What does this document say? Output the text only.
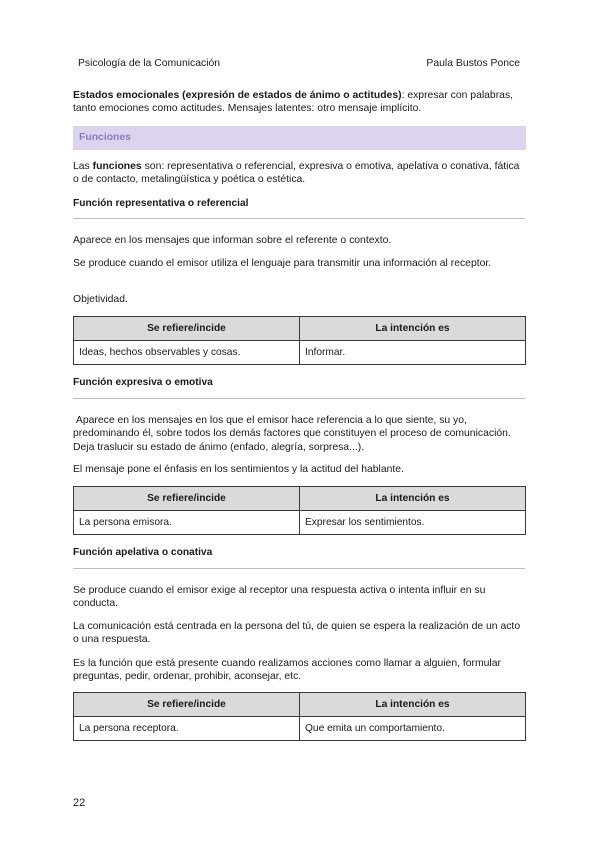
Psicología de la Comunicación	Paula Bustos Ponce

Estados emocionales (expresión de estados de ánimo o actitudes): expresar con palabras, tanto emociones como actitudes. Mensajes latentes: otro mensaje implícito.

Funciones

Las funciones son: representativa o referencial, expresiva o emotiva, apelativa o conativa, fática o de contacto, metalingüística y poética o estética.

Función representativa o referencial

Aparece en los mensajes que informan sobre el referente o contexto.

Se produce cuando el emisor utiliza el lenguaje para transmitir una información al receptor.

Objetividad.

Se refiere/incide	La intención es
Ideas, hechos observables y cosas.	Informar.
Función expresiva o emotiva

Aparece en los mensajes en los que el emisor hace referencia a lo que siente, su yo, predominando él, sobre todos los demás factores que constituyen el proceso de comunicación. Deja traslucir su estado de ánimo (enfado, alegría, sorpresa...).

El mensaje pone el énfasis en los sentimientos y la actitud del hablante.

Se refiere/incide	La intención es
La persona emisora.	Expresar los sentimientos.
Función apelativa o conativa

Se produce cuando el emisor exige al receptor una respuesta activa o intenta influir en su conducta.

La comunicación está centrada en la persona del tú, de quien se espera la realización de un acto o una respuesta.

Es la función que está presente cuando realizamos acciones como llamar a alguien, formular preguntas, pedir, ordenar, prohibir, aconsejar, etc.

Se refiere/incide	La intención es
La persona receptora.	Que emita un comportamiento.
22
